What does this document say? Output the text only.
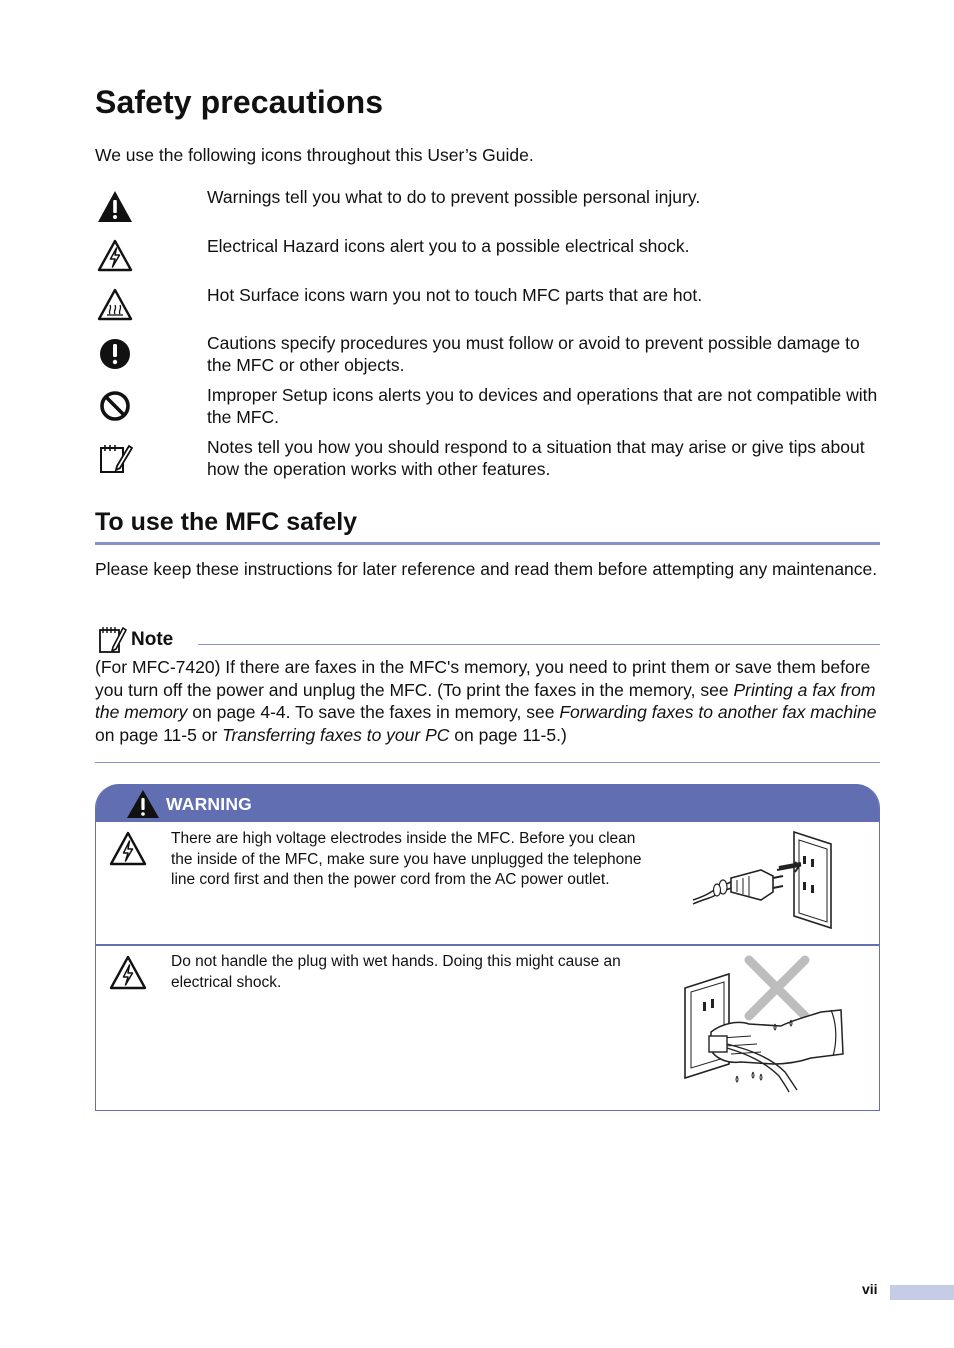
Safety precautions

We use the following icons throughout this User’s Guide.

Warnings tell you what to do to prevent possible personal injury.
Electrical Hazard icons alert you to a possible electrical shock.
Hot Surface icons warn you not to touch MFC parts that are hot.
Cautions specify procedures you must follow or avoid to prevent possible damage to the MFC or other objects.
Improper Setup icons alerts you to devices and operations that are not compatible with the MFC.
Notes tell you how you should respond to a situation that may arise or give tips about how the operation works with other features.
To use the MFC safely

Please keep these instructions for later reference and read them before attempting any maintenance.

Note

(For MFC-7420) If there are faxes in the MFC's memory, you need to print them or save them before you turn off the power and unplug the MFC. (To print the faxes in the memory, see Printing a fax from the memory on page 4-4. To save the faxes in memory, see Forwarding faxes to another fax machine on page 11-5 or Transferring faxes to your PC on page 11-5.)

WARNING
There are high voltage electrodes inside the MFC. Before you clean the inside of the MFC, make sure you have unplugged the telephone line cord first and then the power cord from the AC power outlet.
Do not handle the plug with wet hands. Doing this might cause an electrical shock.
vii
